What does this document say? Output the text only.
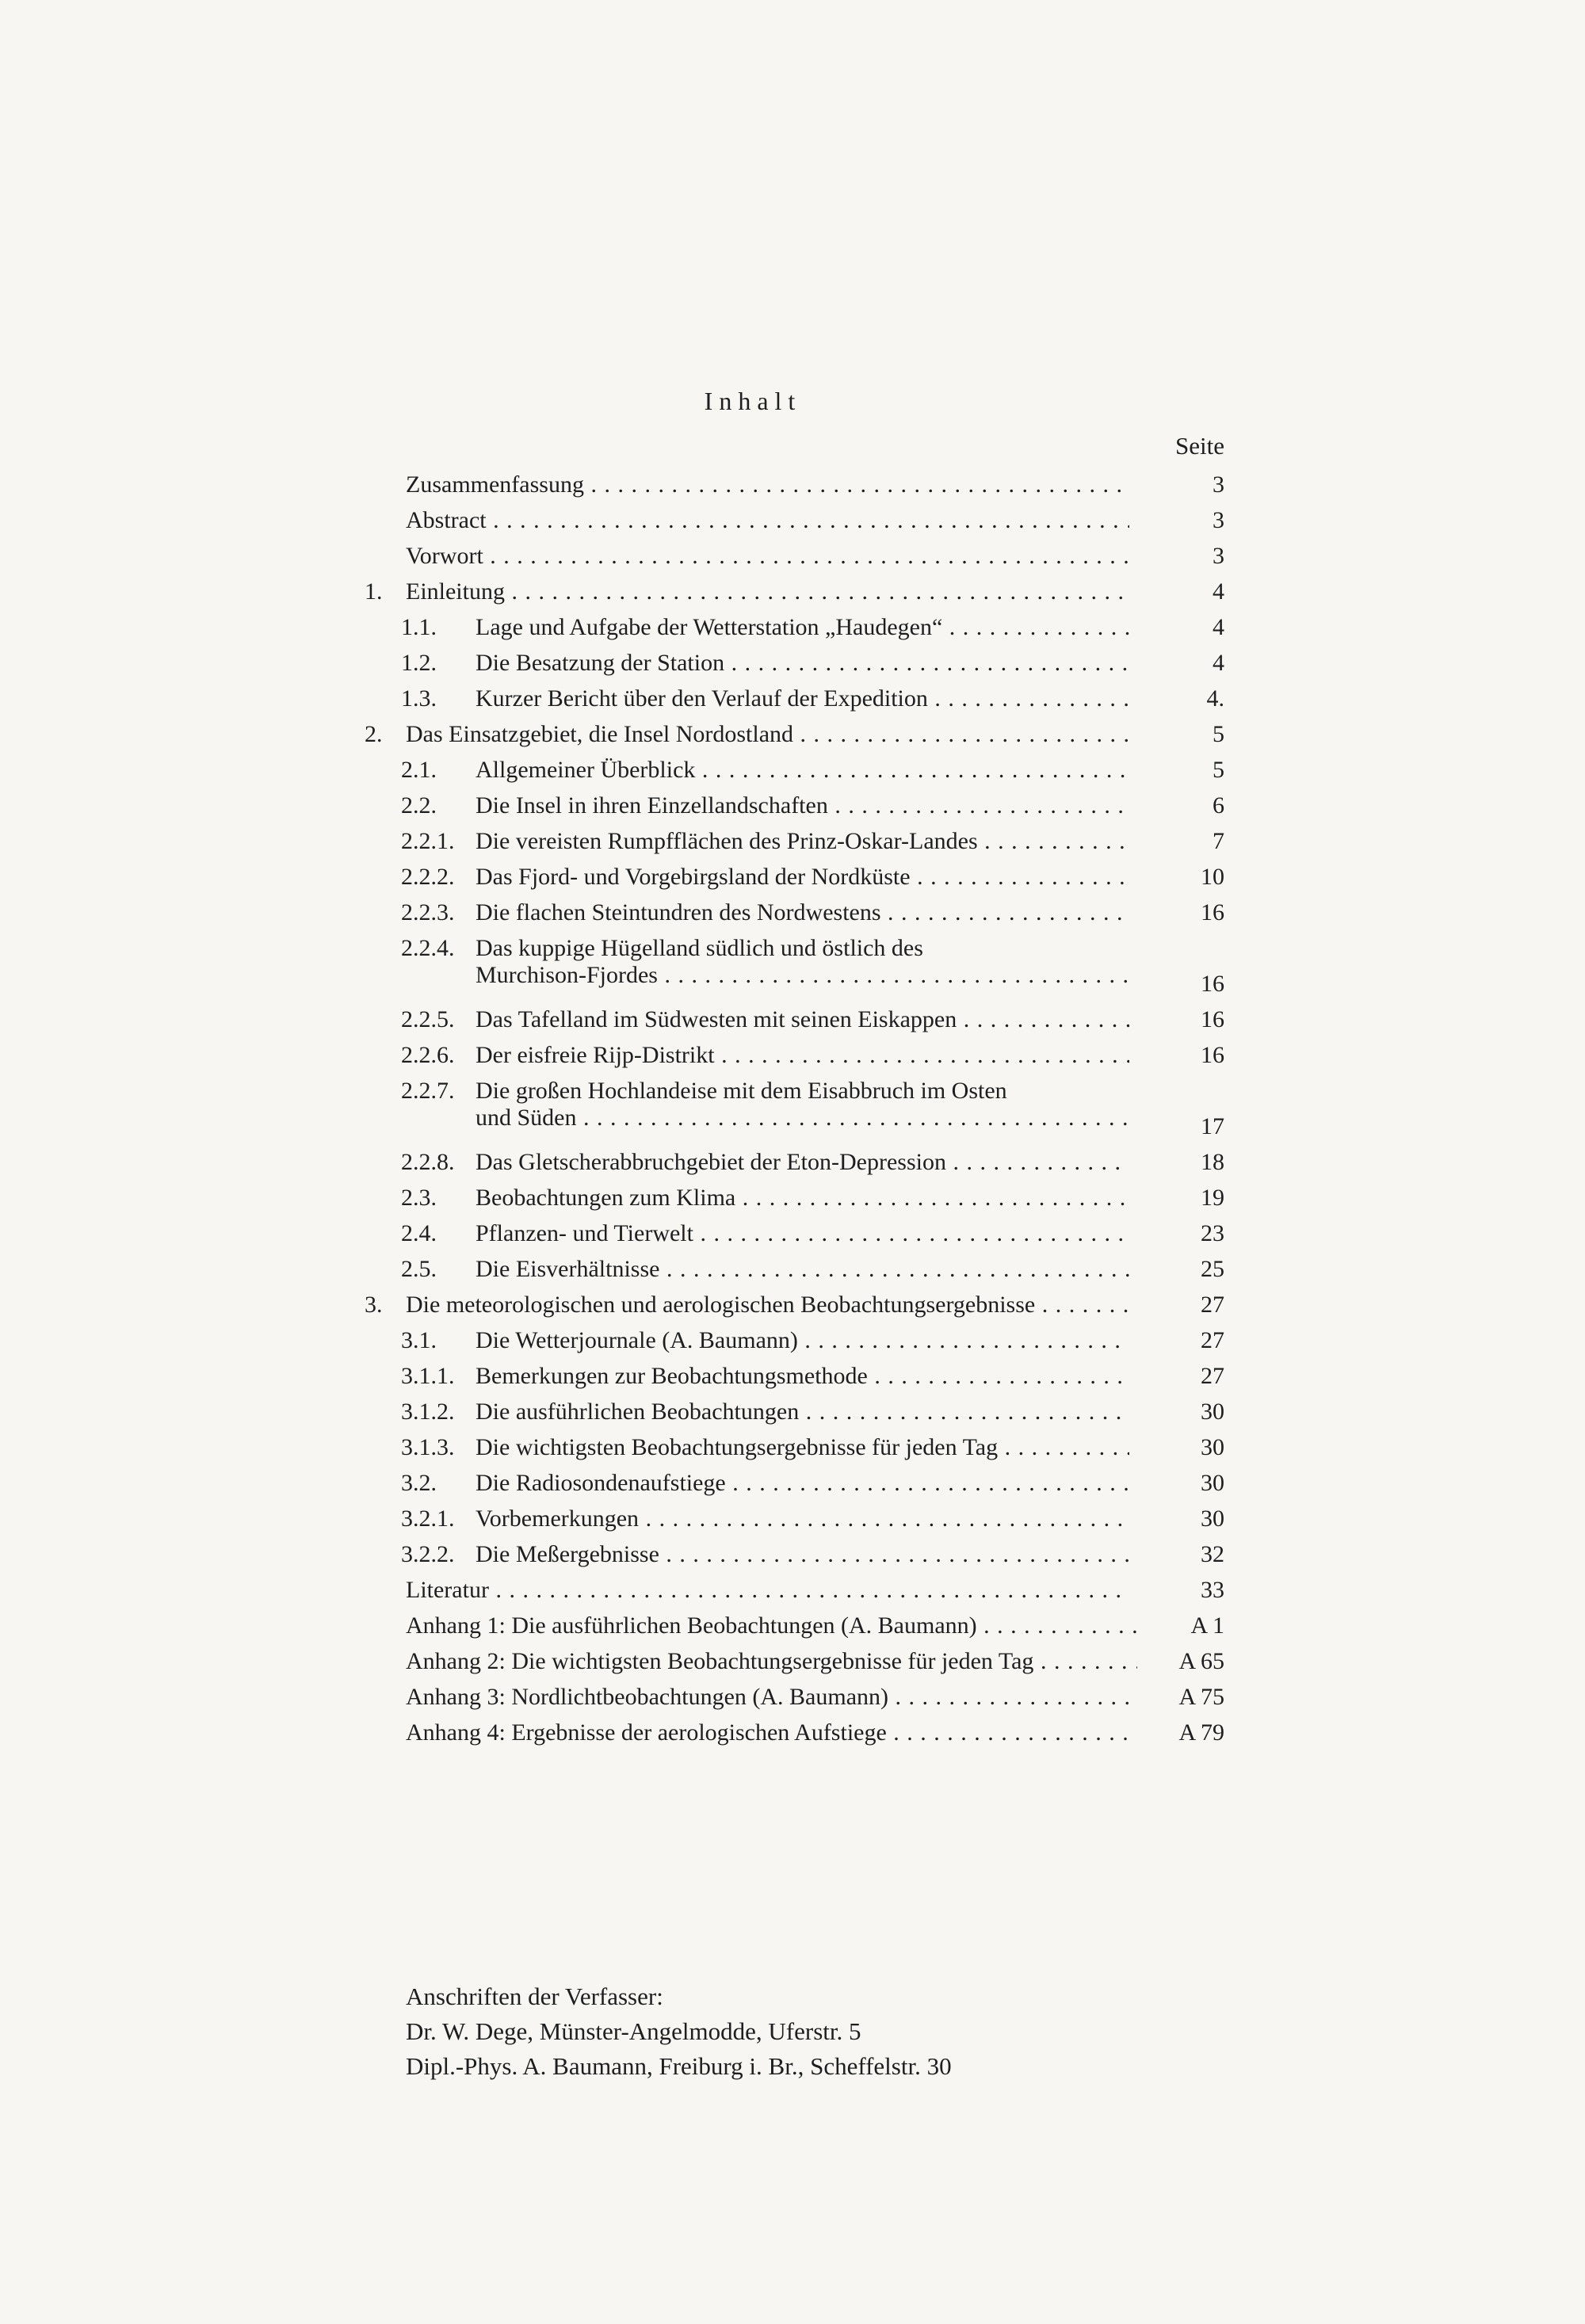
Inhalt
Seite
Zusammenfassung . . .	3
Abstract . . .	3
Vorwort . . .	3
1. Einleitung . . .	4
1.1. Lage und Aufgabe der Wetterstation „Haudegen“ . . .	4
1.2. Die Besatzung der Station . . .	4
1.3. Kurzer Bericht über den Verlauf der Expedition . . .	4.
2. Das Einsatzgebiet, die Insel Nordostland . . .	5
2.1. Allgemeiner Überblick . . .	5
2.2. Die Insel in ihren Einzellandschaften . . .	6
2.2.1. Die vereisten Rumpfflächen des Prinz-Oskar-Landes . . .	7
2.2.2. Das Fjord- und Vorgebirgsland der Nordküste . . .	10
2.2.3. Die flachen Steintundren des Nordwestens . . .	16
2.2.4. Das kuppige Hügelland südlich und östlich des
Murchison-Fjordes . . .	16
2.2.5. Das Tafelland im Südwesten mit seinen Eiskappen . . .	16
2.2.6. Der eisfreie Rijp-Distrikt . . .	16
2.2.7. Die großen Hochlandeise mit dem Eisabbruch im Osten
und Süden . . .	17
2.2.8. Das Gletscherabbruchgebiet der Eton-Depression . . .	18
2.3. Beobachtungen zum Klima . . .	19
2.4. Pflanzen- und Tierwelt . . .	23
2.5. Die Eisverhältnisse . . .	25
3. Die meteorologischen und aerologischen Beobachtungsergebnisse . . .	27
3.1. Die Wetterjournale (A. Baumann) . . .	27
3.1.1. Bemerkungen zur Beobachtungsmethode . . .	27
3.1.2. Die ausführlichen Beobachtungen . . .	30
3.1.3. Die wichtigsten Beobachtungsergebnisse für jeden Tag . . .	30
3.2. Die Radiosondenaufstiege . . .	30
3.2.1. Vorbemerkungen . . .	30
3.2.2. Die Meßergebnisse . . .	32
Literatur . . .	33
Anhang 1: Die ausführlichen Beobachtungen (A. Baumann) . . .	A 1
Anhang 2: Die wichtigsten Beobachtungsergebnisse für jeden Tag . . .	A 65
Anhang 3: Nordlichtbeobachtungen (A. Baumann) . . .	A 75
Anhang 4: Ergebnisse der aerologischen Aufstiege . . .	A 79
Anschriften der Verfasser:
Dr. W. Dege, Münster-Angelmodde, Uferstr. 5
Dipl.-Phys. A. Baumann, Freiburg i. Br., Scheffelstr. 30
